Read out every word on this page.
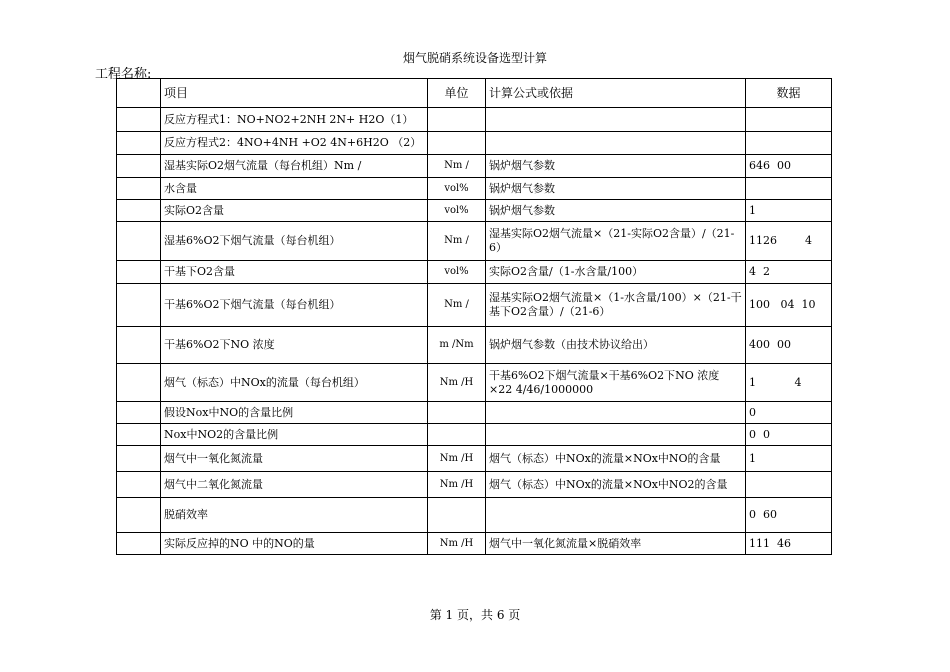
烟气脱硝系统设备选型计算
工程名称:
	项目	单位	计算公式或依据	数据
	反应方程式1：NO+NO2+2NH 2N+ H2O（1）			
	反应方程式2：4NO+4NH +O2 4N+6H2O （2）			
	湿基实际O2烟气流量（每台机组）Nm /	Nm /	锅炉烟气参数	646  00
	水含量	vol%	锅炉烟气参数	
	实际O2含量	vol%	锅炉烟气参数	1
	湿基6%O2下烟气流量（每台机组）	Nm /	湿基实际O2烟气流量×（21-实际O2含量）/（21-6）	1126        4
	干基下O2含量	vol%	实际O2含量/（1-水含量/100）	4  2
	干基6%O2下烟气流量（每台机组）	Nm /	湿基实际O2烟气流量×（1-水含量/100）×（21-干基下O2含量）/（21-6）	100   04  10
	干基6%O2下NO 浓度	m /Nm	锅炉烟气参数（由技术协议给出）	400  00
	烟气（标态）中NOx的流量（每台机组）	Nm /H	干基6%O2下烟气流量×干基6%O2下NO 浓度×22 4/46/1000000	1           4
	假设Nox中NO的含量比例			0
	Nox中NO2的含量比例			0  0
	烟气中一氧化氮流量	Nm /H	烟气（标态）中NOx的流量×NOx中NO的含量	1
	烟气中二氧化氮流量	Nm /H	烟气（标态）中NOx的流量×NOx中NO2的含量	
	脱硝效率			0  60
	实际反应掉的NO 中的NO的量	Nm /H	烟气中一氧化氮流量×脱硝效率	111  46
第 1 页，共 6 页
